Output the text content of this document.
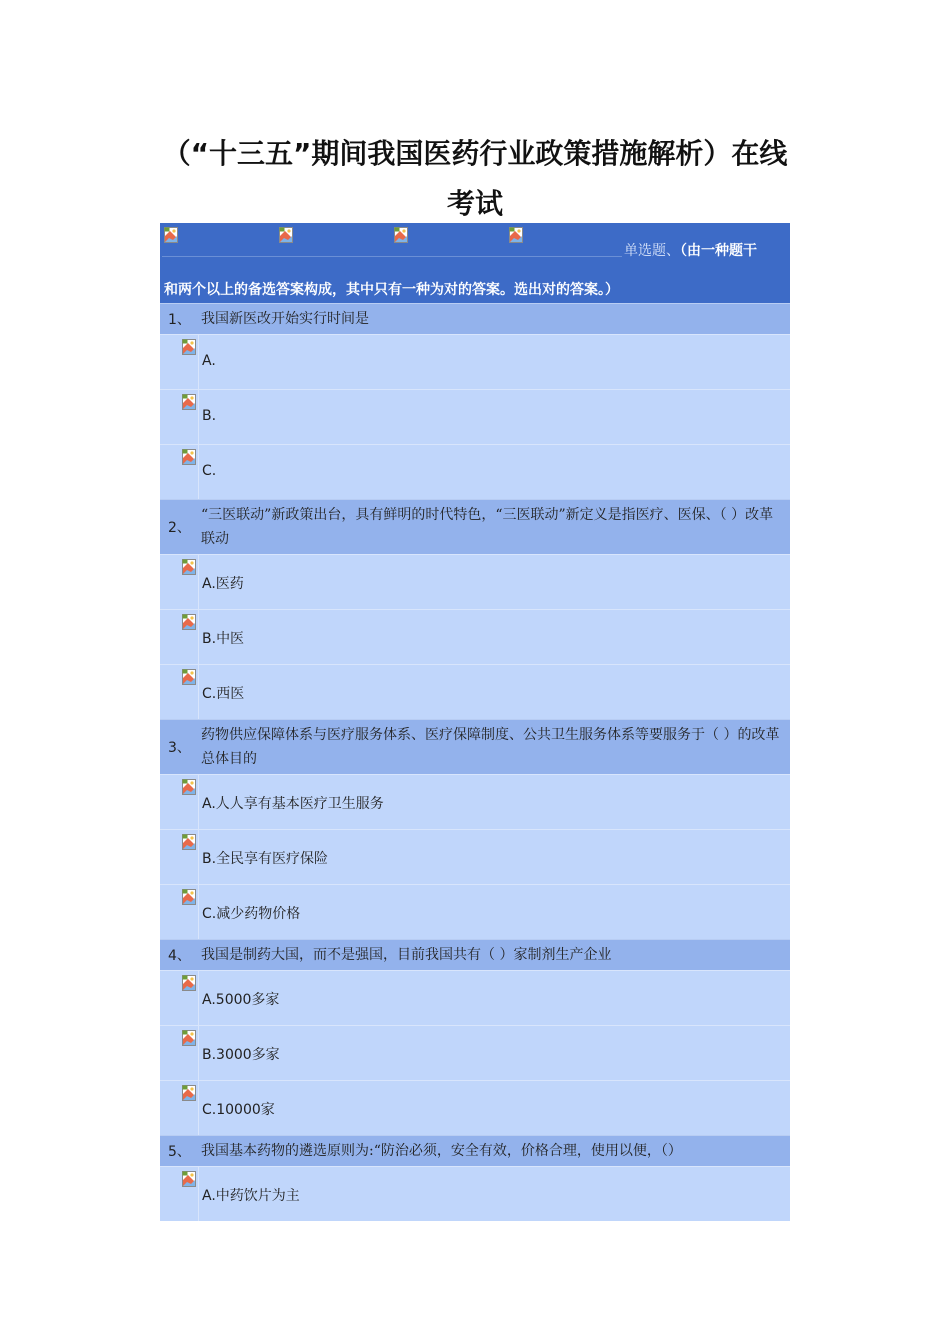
（“十三五”期间我国医药行业政策措施解析）在线
考试
单选题、（由一种题干
和两个以上的备选答案构成，其中只有一种为对的答案。选出对的答案。）
1、 我国新医改开始实行时间是
A.
B.
C.
2、
“三医联动”新政策出台，具有鲜明的时代特色，“三医联动”新定义是指医疗、医保、（ ）改革联动
A.医药
B.中医
C.西医
3、
药物供应保障体系与医疗服务体系、医疗保障制度、公共卫生服务体系等要服务于（ ）的改革总体目的
A.人人享有基本医疗卫生服务
B.全民享有医疗保险
C.减少药物价格
4、 我国是制药大国，而不是强国，目前我国共有（ ）家制剂生产企业
A.5000多家
B.3000多家
C.10000家
5、 我国基本药物的遴选原则为:“防治必须，安全有效，价格合理，使用以便，（）
A.中药饮片为主
